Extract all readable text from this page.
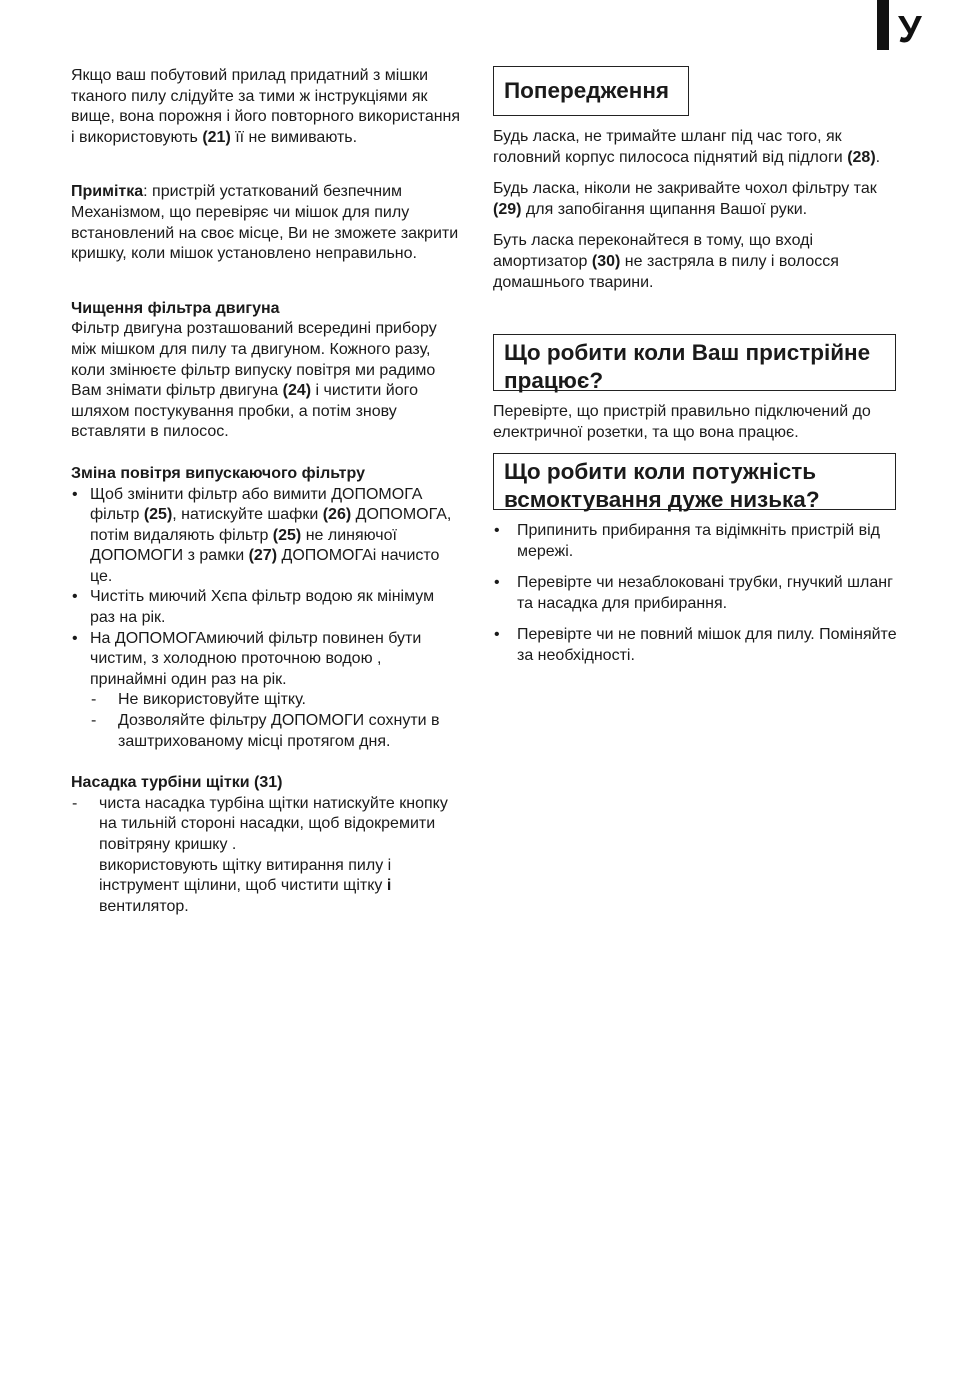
У

Якщо ваш побутовий прилад придатний з мішки тканого пилу слідуйте за тими ж інструкціями як вище, вона порожня і його повторного використання і використовують (21) її не вимивають.

Примітка: пристрій устаткований безпечним Механізмом, що перевіряє чи мішок для пилу встановлений на своє місце, Ви не зможете закрити кришку, коли мішок установлено неправильно.

Чищення фільтра двигуна

Фільтр двигуна розташований всередині прибору між мішком для пилу та двигуном. Кожного разу, коли змінюєте фільтр випуску повітря ми радимо Вам знімати фільтр двигуна (24) і чистити його шляхом постукування пробки, а потім знову вставляти в пилосос.

Зміна повітря випускаючого фільтру

• Щоб змінити фільтр або вимити ДОПОМОГА фільтр (25), натискуйте шафки (26) ДОПОМОГА, потім видаляють фільтр (25) не линяючої ДОПОМОГИ з рамки (27) ДОПОМОГАі начисто це.
• Чистіть миючий Хєпа фільтр водою як мінімум раз на рік.
• На ДОПОМОГАмиючий фільтр повинен бути чистим, з холодною проточною водою , принаймні один раз на рік.
- Не використовуйте щітку.
- Дозволяйте фільтру ДОПОМОГИ сохнути в заштрихованому місці протягом дня.

Насадка турбіни щітки (31)

- чиста насадка турбіна щітки натискуйте кнопку на тильній стороні насадки, щоб відокремити повітряну кришку .

використовують щітку витирання пилу і інструмент щілини, щоб чистити щітку і вентилятор.

Попередження

Будь ласка, не тримайте шланг під час того, як головний корпус пилососа піднятий від підлоги (28).

Будь ласка, ніколи не закривайте чохол фільтру так (29) для запобігання щипання Вашої руки.

Буть ласка переконайтеся в тому, що вході амортизатор (30) не застряла в пилу і волосся домашнього тварини.

Що робити коли Ваш пристрійне працює?

Перевірте, що пристрій правильно підключений до електричної розетки, та що вона працює.

Що робити коли потужність всмоктування дуже низька?
• Припинить прибирання та відімкніть пристрій від мережі.
• Перевірте чи незаблоковані трубки, гнучкий шланг та насадка для прибирання.
• Перевірте чи не повний мішок для пилу. Поміняйте за необхідності.
